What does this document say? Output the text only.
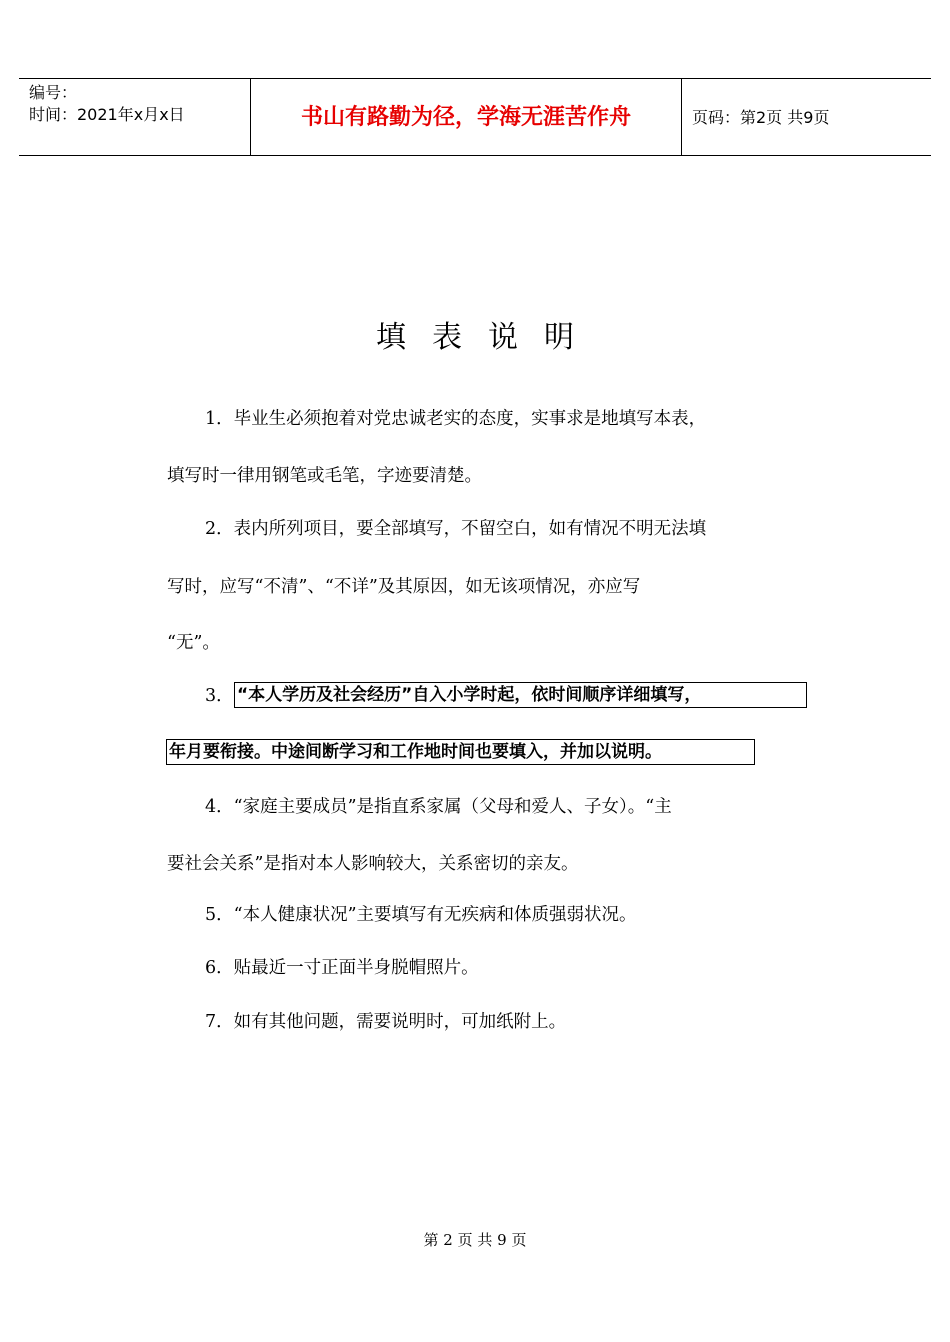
编号：
时间：2021年x月x日	书山有路勤为径，学海无涯苦作舟	页码：第2页 共9页
填表说明
1．毕业生必须抱着对党忠诚老实的态度，实事求是地填写本表，
填写时一律用钢笔或毛笔，字迹要清楚。
2．表内所列项目，要全部填写，不留空白，如有情况不明无法填
写时，应写“不清”、“不详”及其原因，如无该项情况，亦应写
“无”。
3． “本人学历及社会经历”自入小学时起，依时间顺序详细填写，
年月要衔接。中途间断学习和工作地时间也要填入，并加以说明。
4．“家庭主要成员”是指直系家属（父母和爱人、子女）。“主
要社会关系”是指对本人影响较大，关系密切的亲友。
5．“本人健康状况”主要填写有无疾病和体质强弱状况。
6．贴最近一寸正面半身脱帽照片。
7．如有其他问题，需要说明时，可加纸附上。
第 2 页 共 9 页
